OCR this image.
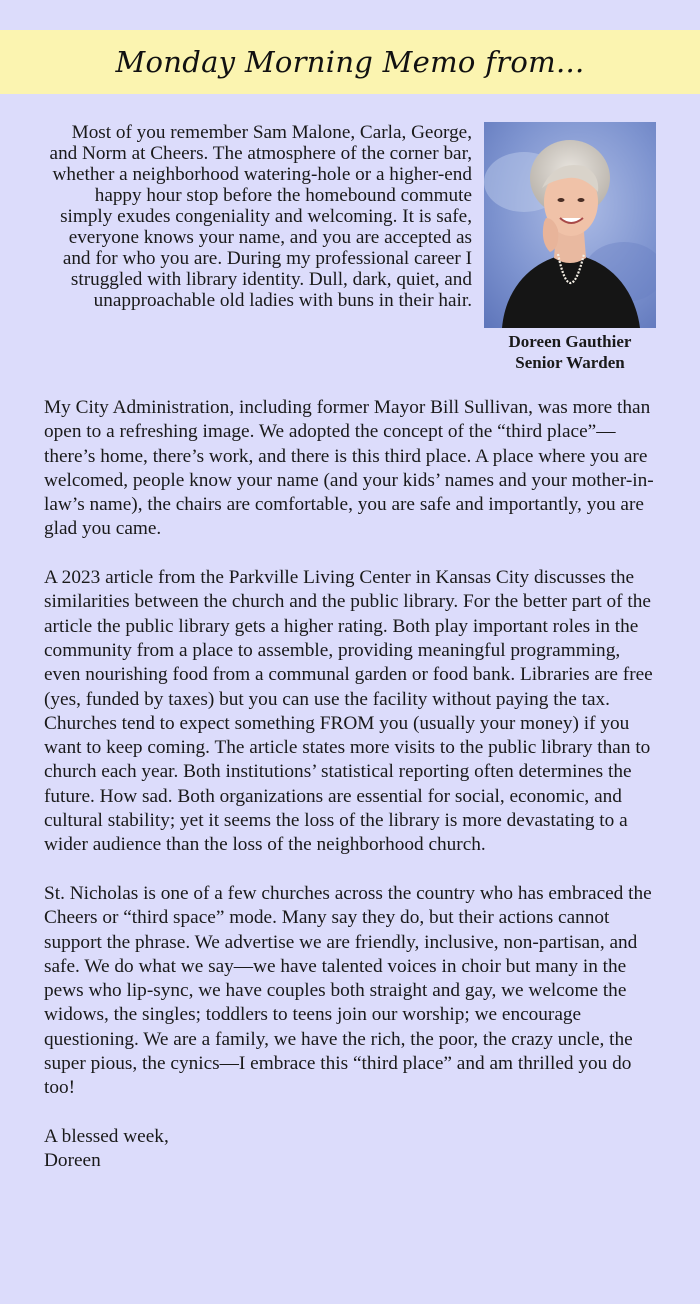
Monday Morning Memo from...

Most of you remember Sam Malone, Carla, George, and Norm at Cheers. The atmosphere of the corner bar, whether a neighborhood watering-hole or a higher-end happy hour stop before the homebound commute simply exudes congeniality and welcoming. It is safe, everyone knows your name, and you are accepted as and for who you are. During my professional career I struggled with library identity. Dull, dark, quiet, and unapproachable old ladies with buns in their hair.

Doreen Gauthier
Senior Warden

My City Administration, including former Mayor Bill Sullivan, was more than open to a refreshing image. We adopted the concept of the “third place”—there’s home, there’s work, and there is this third place. A place where you are welcomed, people know your name (and your kids’ names and your mother-in-law’s name), the chairs are comfortable, you are safe and importantly, you are glad you came.

A 2023 article from the Parkville Living Center in Kansas City discusses the similarities between the church and the public library. For the better part of the article the public library gets a higher rating. Both play important roles in the community from a place to assemble, providing meaningful programming, even nourishing food from a communal garden or food bank. Libraries are free (yes, funded by taxes) but you can use the facility without paying the tax. Churches tend to expect something FROM you (usually your money) if you want to keep coming. The article states more visits to the public library than to church each year. Both institutions’ statistical reporting often determines the future. How sad. Both organizations are essential for social, economic, and cultural stability; yet it seems the loss of the library is more devastating to a wider audience than the loss of the neighborhood church.

St. Nicholas is one of a few churches across the country who has embraced the Cheers or “third space” mode. Many say they do, but their actions cannot support the phrase. We advertise we are friendly, inclusive, non-partisan, and safe. We do what we say—we have talented voices in choir but many in the pews who lip-sync, we have couples both straight and gay, we welcome the widows, the singles; toddlers to teens join our worship; we encourage questioning. We are a family, we have the rich, the poor, the crazy uncle, the super pious, the cynics—I embrace this “third place” and am thrilled you do too!

A blessed week,
Doreen
